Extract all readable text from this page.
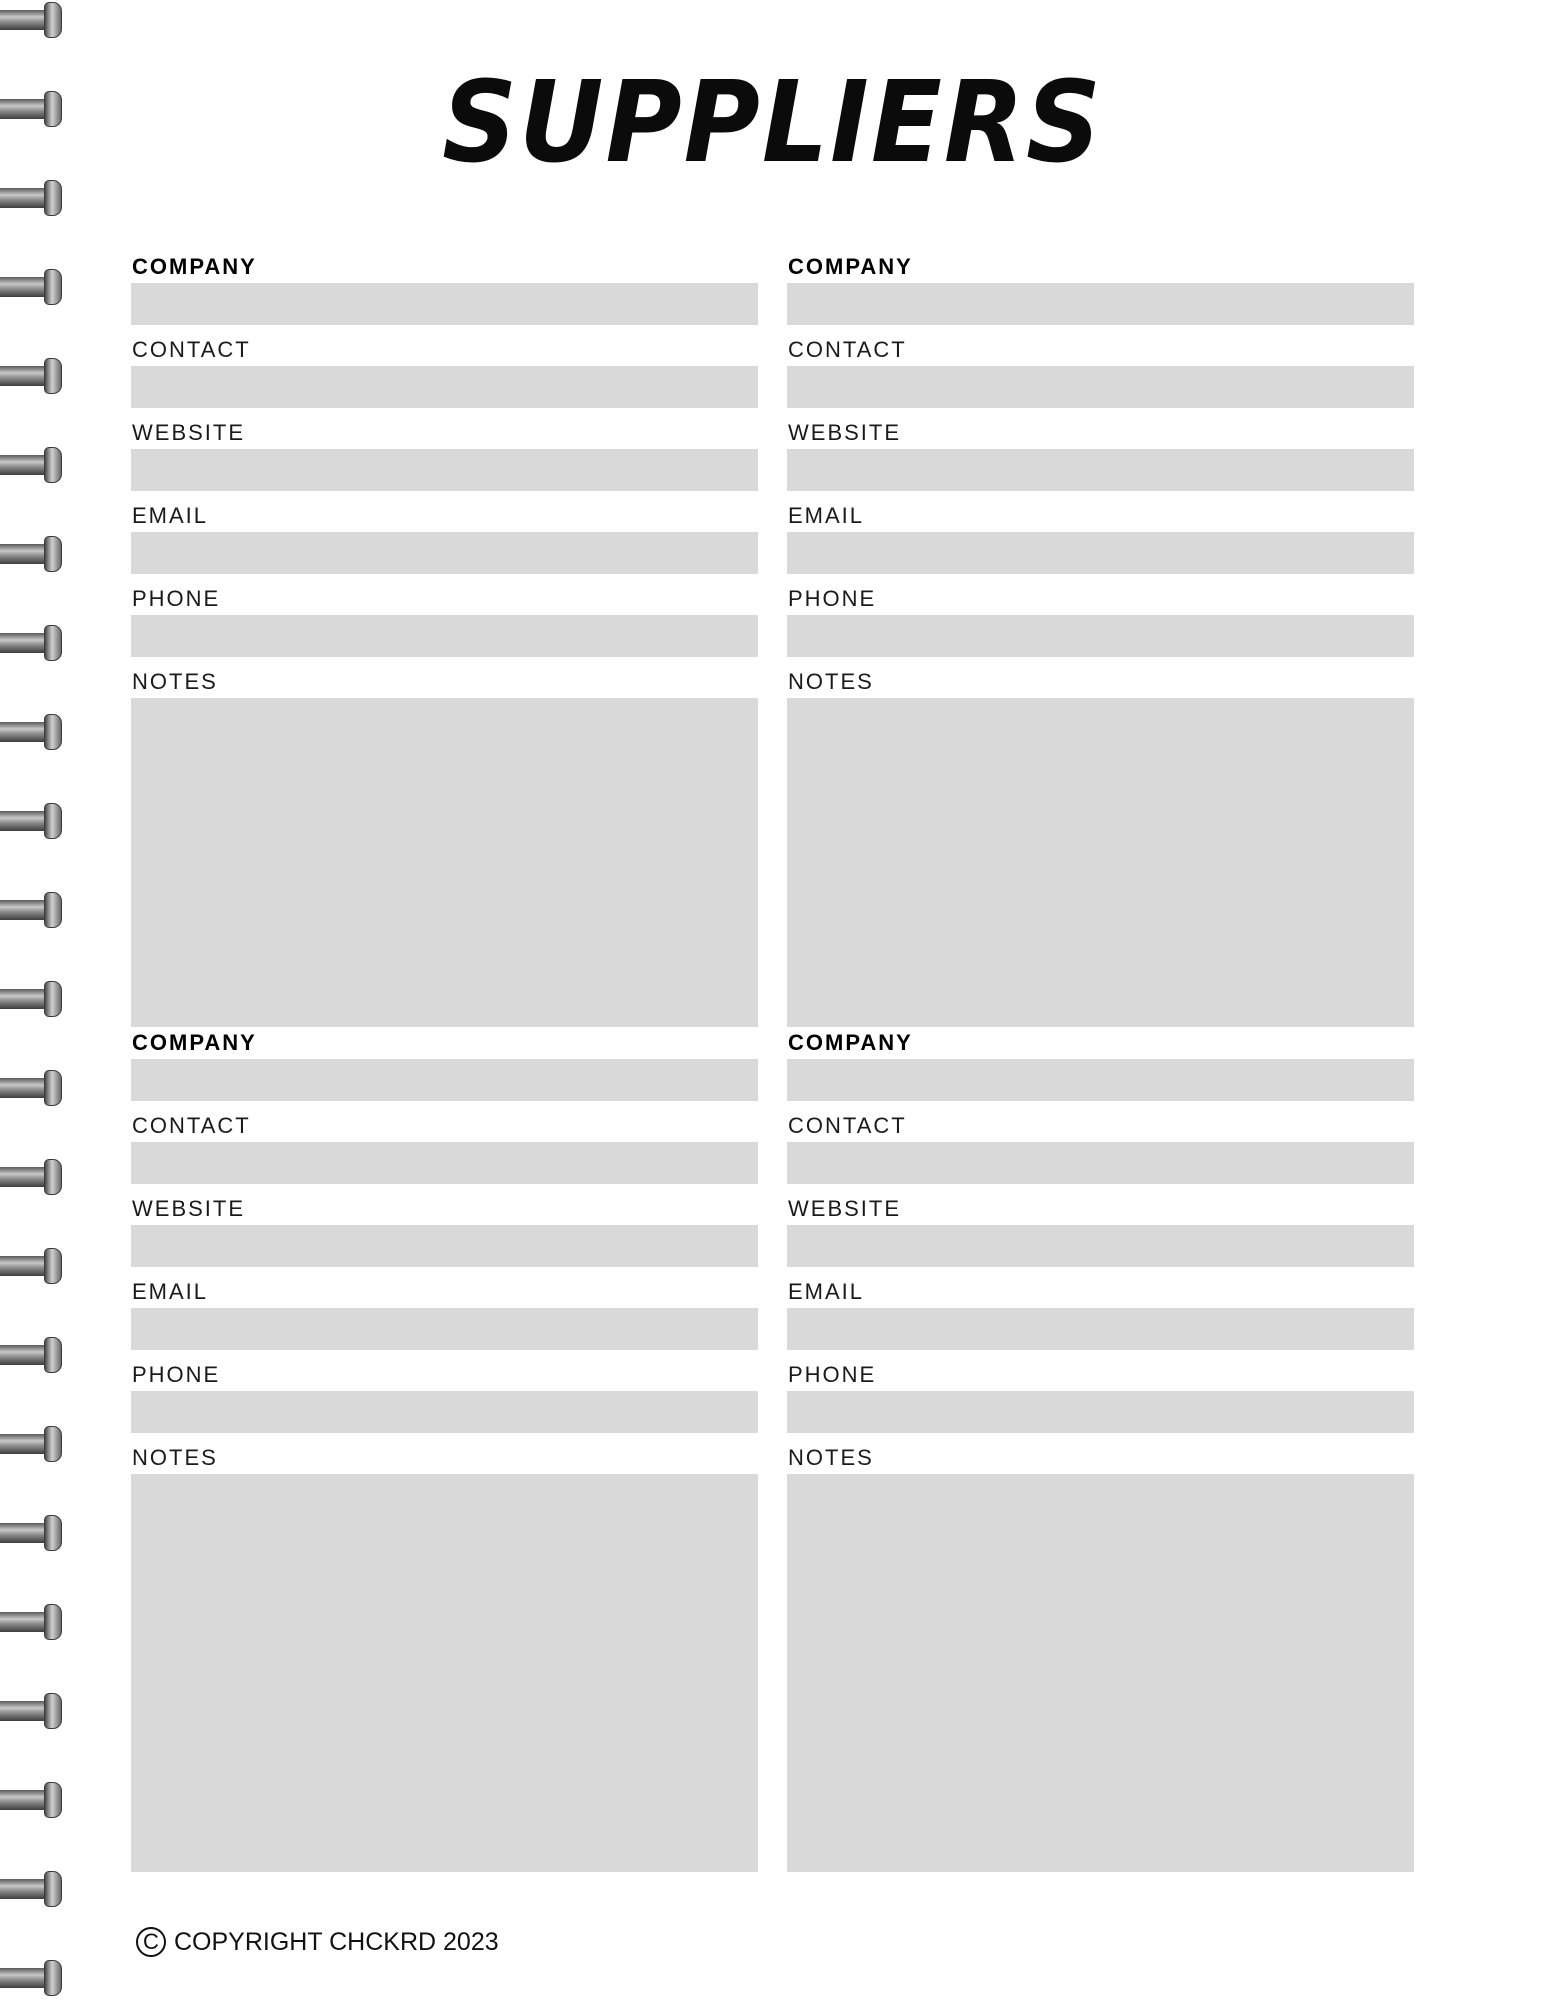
SUPPLIERS
COMPANY
CONTACT
WEBSITE
EMAIL
PHONE
NOTES
COMPANY
CONTACT
WEBSITE
EMAIL
PHONE
NOTES
COMPANY
CONTACT
WEBSITE
EMAIL
PHONE
NOTES
COMPANY
CONTACT
WEBSITE
EMAIL
PHONE
NOTES
C COPYRIGHT CHCKRD 2023
